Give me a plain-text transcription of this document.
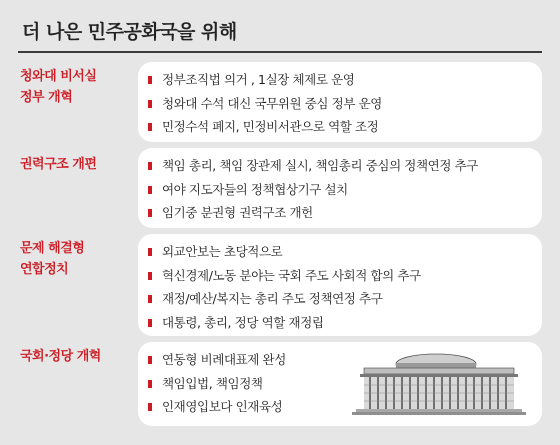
더 나은 민주공화국을 위해
청와대 비서실
정부 개혁
정부조직법 의거 , 1실장 체제로 운영
청와대 수석 대신 국무위원 중심 정부 운영
민정수석 폐지, 민정비서관으로 역할 조정
권력구조 개편	책임 총리, 책임 장관제 실시, 책임총리 중심의 정책연정 추구
여야 지도자들의 정책협상기구 설치
임기중 분권형 권력구조 개헌
문제 해결형
연합정치
외교안보는 초당적으로
혁신경제/노동 분야는 국회 주도 사회적 합의 추구
재정/예산/복지는 총리 주도 정책연정 추구
대통령, 총리, 정당 역할 재정립
국회·정당 개혁	연동형 비례대표제 완성
책임입법, 책임정책
인재영입보다 인재육성
